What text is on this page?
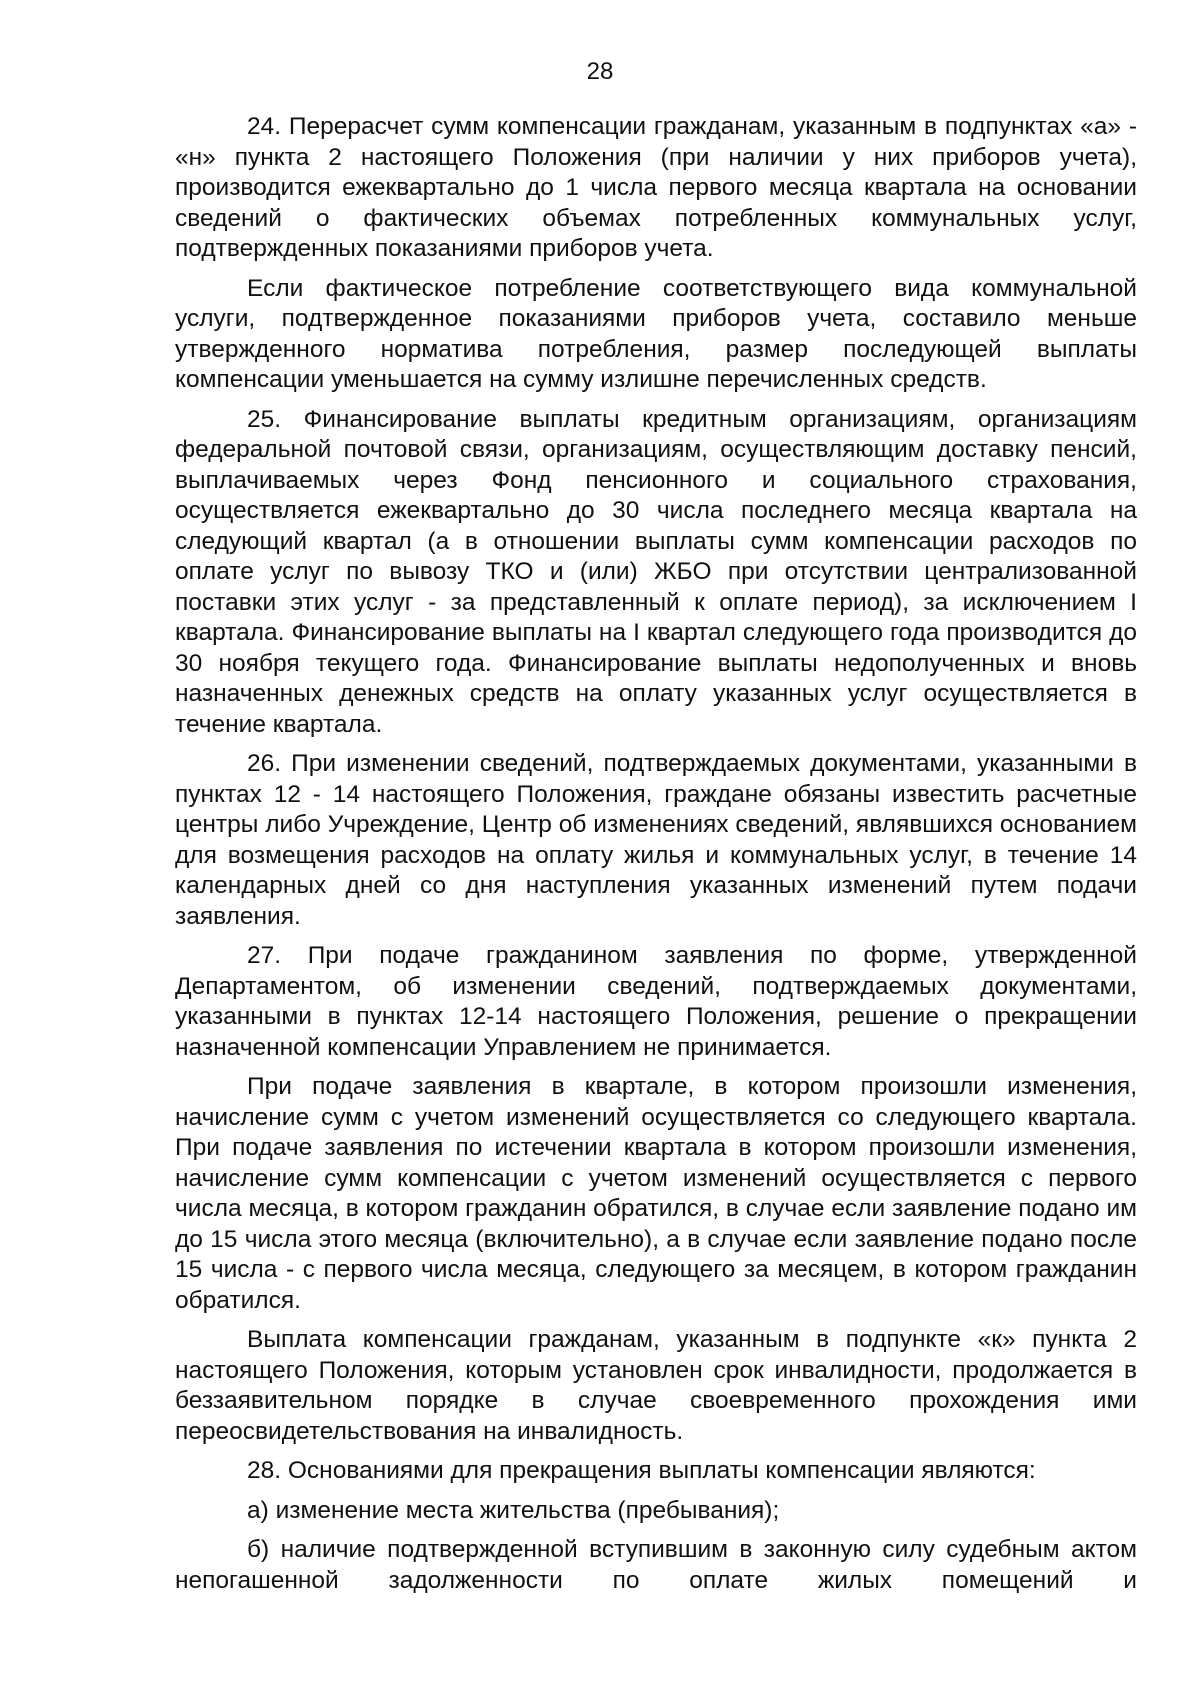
28

24. Перерасчет сумм компенсации гражданам, указанным в подпунктах «а» - «н» пункта 2 настоящего Положения (при наличии у них приборов учета), производится ежеквартально до 1 числа первого месяца квартала на основании сведений о фактических объемах потребленных коммунальных услуг, подтвержденных показаниями приборов учета.

Если фактическое потребление соответствующего вида коммунальной услуги, подтвержденное показаниями приборов учета, составило меньше утвержденного норматива потребления, размер последующей выплаты компенсации уменьшается на сумму излишне перечисленных средств.

25. Финансирование выплаты кредитным организациям, организациям федеральной почтовой связи, организациям, осуществляющим доставку пенсий, выплачиваемых через Фонд пенсионного и социального страхования, осуществляется ежеквартально до 30 числа последнего месяца квартала на следующий квартал (а в отношении выплаты сумм компенсации расходов по оплате услуг по вывозу ТКО и (или) ЖБО при отсутствии централизованной поставки этих услуг - за представленный к оплате период), за исключением I квартала. Финансирование выплаты на I квартал следующего года производится до 30 ноября текущего года. Финансирование выплаты недополученных и вновь назначенных денежных средств на оплату указанных услуг осуществляется в течение квартала.

26. При изменении сведений, подтверждаемых документами, указанными в пунктах 12 - 14 настоящего Положения, граждане обязаны известить расчетные центры либо Учреждение, Центр об изменениях сведений, являвшихся основанием для возмещения расходов на оплату жилья и коммунальных услуг, в течение 14 календарных дней со дня наступления указанных изменений путем подачи заявления.

27. При подаче гражданином заявления по форме, утвержденной Департаментом, об изменении сведений, подтверждаемых документами, указанными в пунктах 12-14 настоящего Положения, решение о прекращении назначенной компенсации Управлением не принимается.

При подаче заявления в квартале, в котором произошли изменения, начисление сумм с учетом изменений осуществляется со следующего квартала. При подаче заявления по истечении квартала в котором произошли изменения, начисление сумм компенсации с учетом изменений осуществляется с первого числа месяца, в котором гражданин обратился, в случае если заявление подано им до 15 числа этого месяца (включительно), а в случае если заявление подано после 15 числа - с первого числа месяца, следующего за месяцем, в котором гражданин обратился.

Выплата компенсации гражданам, указанным в подпункте «к» пункта 2 настоящего Положения, которым установлен срок инвалидности, продолжается в беззаявительном порядке в случае своевременного прохождения ими переосвидетельствования на инвалидность.

28. Основаниями для прекращения выплаты компенсации являются:

а) изменение места жительства (пребывания);

б) наличие подтвержденной вступившим в законную силу судебным актом непогашенной задолженности по оплате жилых помещений и
